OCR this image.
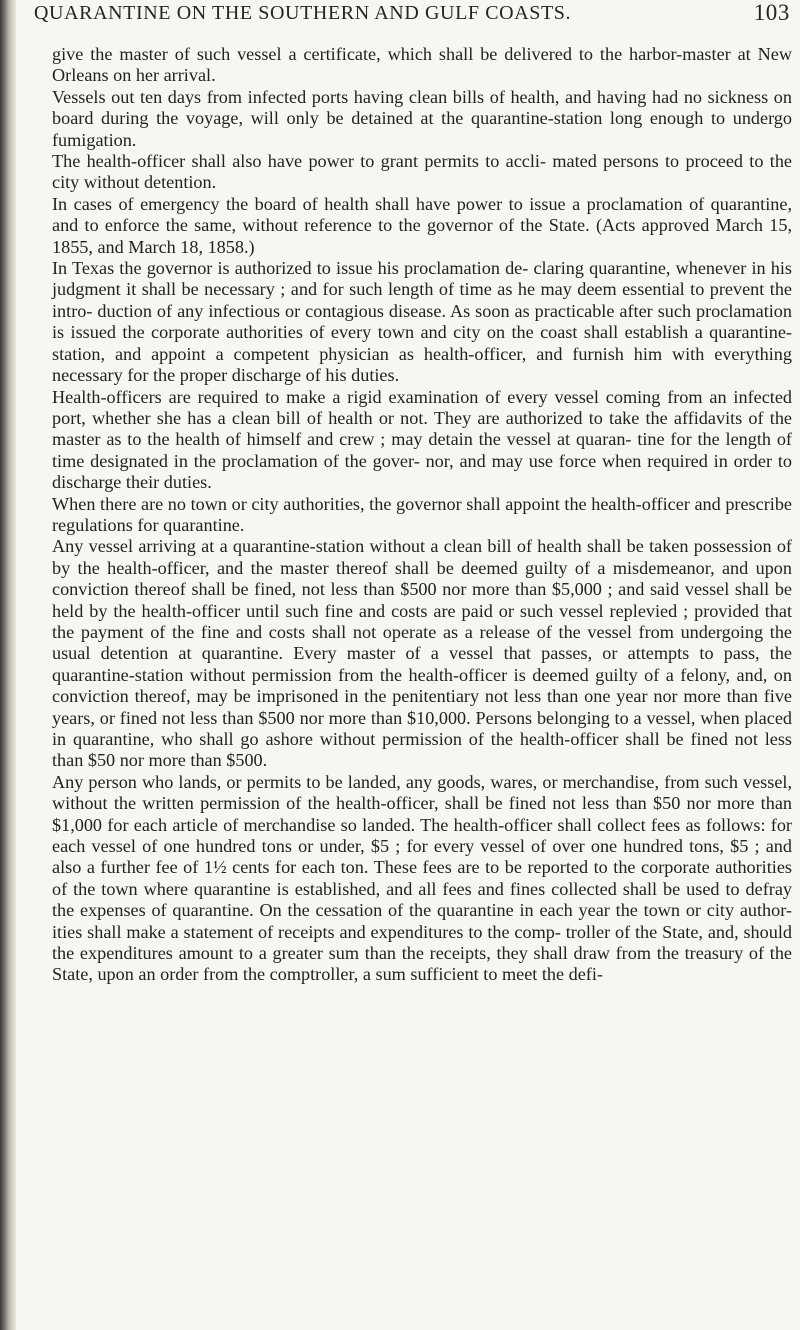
QUARANTINE ON THE SOUTHERN AND GULF COASTS.	103

give the master of such vessel a certificate, which shall be delivered to the harbor-master at New Orleans on her arrival.

Vessels out ten days from infected ports having clean bills of health, and having had no sickness on board during the voyage, will only be detained at the quarantine-station long enough to undergo fumigation.

The health-officer shall also have power to grant permits to accli- mated persons to proceed to the city without detention.

In cases of emergency the board of health shall have power to issue a proclamation of quarantine, and to enforce the same, without reference to the governor of the State. (Acts approved March 15, 1855, and March 18, 1858.)

In Texas the governor is authorized to issue his proclamation de- claring quarantine, whenever in his judgment it shall be necessary ; and for such length of time as he may deem essential to prevent the intro- duction of any infectious or contagious disease. As soon as practicable after such proclamation is issued the corporate authorities of every town and city on the coast shall establish a quarantine-station, and appoint a competent physician as health-officer, and furnish him with everything necessary for the proper discharge of his duties.

Health-officers are required to make a rigid examination of every vessel coming from an infected port, whether she has a clean bill of health or not. They are authorized to take the affidavits of the master as to the health of himself and crew ; may detain the vessel at quaran- tine for the length of time designated in the proclamation of the gover- nor, and may use force when required in order to discharge their duties.

When there are no town or city authorities, the governor shall appoint the health-officer and prescribe regulations for quarantine.

Any vessel arriving at a quarantine-station without a clean bill of health shall be taken possession of by the health-officer, and the master thereof shall be deemed guilty of a misdemeanor, and upon conviction thereof shall be fined, not less than $500 nor more than $5,000 ; and said vessel shall be held by the health-officer until such fine and costs are paid or such vessel replevied ; provided that the payment of the fine and costs shall not operate as a release of the vessel from undergoing the usual detention at quarantine. Every master of a vessel that passes, or attempts to pass, the quarantine-station without permission from the health-officer is deemed guilty of a felony, and, on conviction thereof, may be imprisoned in the penitentiary not less than one year nor more than five years, or fined not less than $500 nor more than $10,000. Persons belonging to a vessel, when placed in quarantine, who shall go ashore without permission of the health-officer shall be fined not less than $50 nor more than $500.

Any person who lands, or permits to be landed, any goods, wares, or merchandise, from such vessel, without the written permission of the health-officer, shall be fined not less than $50 nor more than $1,000 for each article of merchandise so landed. The health-officer shall collect fees as follows: for each vessel of one hundred tons or under, $5 ; for every vessel of over one hundred tons, $5 ; and also a further fee of 1½ cents for each ton. These fees are to be reported to the corporate authorities of the town where quarantine is established, and all fees and fines collected shall be used to defray the expenses of quarantine. On the cessation of the quarantine in each year the town or city author- ities shall make a statement of receipts and expenditures to the comp- troller of the State, and, should the expenditures amount to a greater sum than the receipts, they shall draw from the treasury of the State, upon an order from the comptroller, a sum sufficient to meet the defi-
